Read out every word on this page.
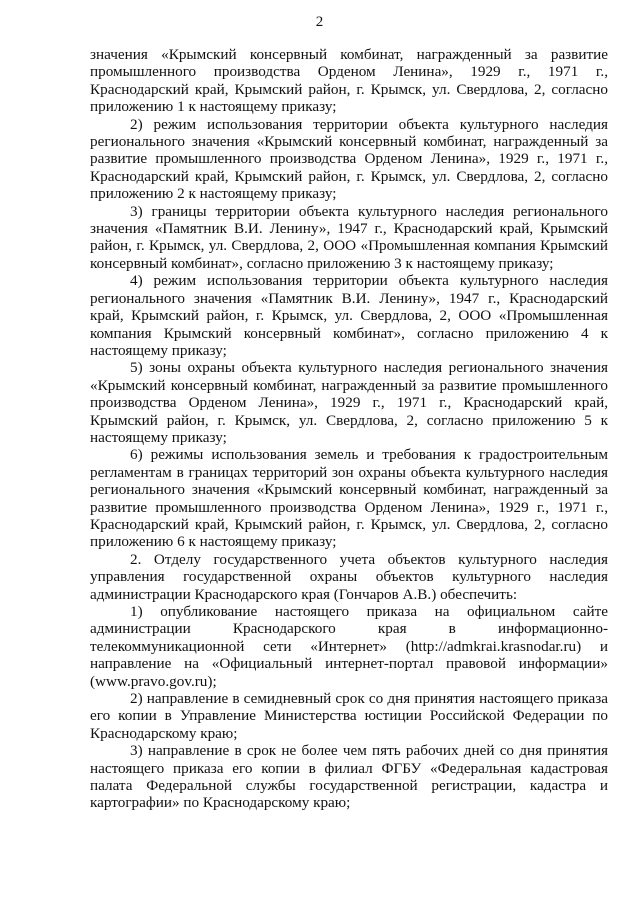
2

значения «Крымский консервный комбинат, награжденный за развитие промышленного производства Орденом Ленина», 1929 г., 1971 г., Краснодарский край, Крымский район, г. Крымск, ул. Свердлова, 2, согласно приложению 1 к настоящему приказу;

2) режим использования территории объекта культурного наследия регионального значения «Крымский консервный комбинат, награжденный за развитие промышленного производства Орденом Ленина», 1929 г., 1971 г., Краснодарский край, Крымский район, г. Крымск, ул. Свердлова, 2, согласно приложению 2 к настоящему приказу;

3) границы территории объекта культурного наследия регионального значения «Памятник В.И. Ленину», 1947 г., Краснодарский край, Крымский район, г. Крымск, ул. Свердлова, 2, ООО «Промышленная компания Крымский консервный комбинат», согласно приложению 3 к настоящему приказу;

4) режим использования территории объекта культурного наследия регионального значения «Памятник В.И. Ленину», 1947 г., Краснодарский край, Крымский район, г. Крымск, ул. Свердлова, 2, ООО «Промышленная компания Крымский консервный комбинат», согласно приложению 4 к настоящему приказу;

5) зоны охраны объекта культурного наследия регионального значения «Крымский консервный комбинат, награжденный за развитие промышленного производства Орденом Ленина», 1929 г., 1971 г., Краснодарский край, Крымский район, г. Крымск, ул. Свердлова, 2, согласно приложению 5 к настоящему приказу;

6) режимы использования земель и требования к градостроительным регламентам в границах территорий зон охраны объекта культурного наследия регионального значения «Крымский консервный комбинат, награжденный за развитие промышленного производства Орденом Ленина», 1929 г., 1971 г., Краснодарский край, Крымский район, г. Крымск, ул. Свердлова, 2, согласно приложению 6 к настоящему приказу;

2. Отделу государственного учета объектов культурного наследия управления государственной охраны объектов культурного наследия администрации Краснодарского края (Гончаров А.В.) обеспечить:

1) опубликование настоящего приказа на официальном сайте администрации Краснодарского края в информационно-телекоммуникационной сети «Интернет» (http://admkrai.krasnodar.ru) и направление на «Официальный интернет-портал правовой информации» (www.pravo.gov.ru);

2) направление в семидневный срок со дня принятия настоящего приказа его копии в Управление Министерства юстиции Российской Федерации по Краснодарскому краю;

3) направление в срок не более чем пять рабочих дней со дня принятия настоящего приказа его копии в филиал ФГБУ «Федеральная кадастровая палата Федеральной службы государственной регистрации, кадастра и картографии» по Краснодарскому краю;
